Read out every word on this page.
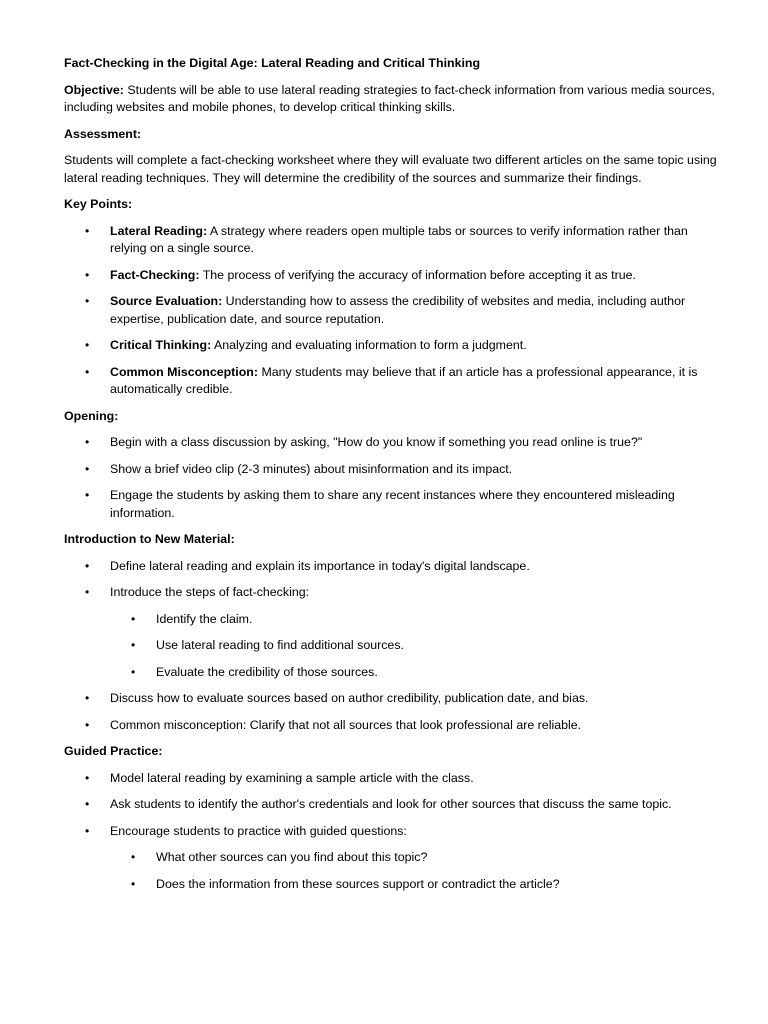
Fact-Checking in the Digital Age: Lateral Reading and Critical Thinking
Objective: Students will be able to use lateral reading strategies to fact-check information from various media sources, including websites and mobile phones, to develop critical thinking skills.
Assessment:
Students will complete a fact-checking worksheet where they will evaluate two different articles on the same topic using lateral reading techniques. They will determine the credibility of the sources and summarize their findings.
Key Points:
• Lateral Reading: A strategy where readers open multiple tabs or sources to verify information rather than relying on a single source.
• Fact-Checking: The process of verifying the accuracy of information before accepting it as true.
• Source Evaluation: Understanding how to assess the credibility of websites and media, including author expertise, publication date, and source reputation.
• Critical Thinking: Analyzing and evaluating information to form a judgment.
• Common Misconception: Many students may believe that if an article has a professional appearance, it is automatically credible.
Opening:
• Begin with a class discussion by asking, "How do you know if something you read online is true?"
• Show a brief video clip (2-3 minutes) about misinformation and its impact.
• Engage the students by asking them to share any recent instances where they encountered misleading information.
Introduction to New Material:
• Define lateral reading and explain its importance in today's digital landscape.
• Introduce the steps of fact-checking:
• Identify the claim.
• Use lateral reading to find additional sources.
• Evaluate the credibility of those sources.
• Discuss how to evaluate sources based on author credibility, publication date, and bias.
• Common misconception: Clarify that not all sources that look professional are reliable.
Guided Practice:
• Model lateral reading by examining a sample article with the class.
• Ask students to identify the author's credentials and look for other sources that discuss the same topic.
• Encourage students to practice with guided questions:
• What other sources can you find about this topic?
• Does the information from these sources support or contradict the article?
